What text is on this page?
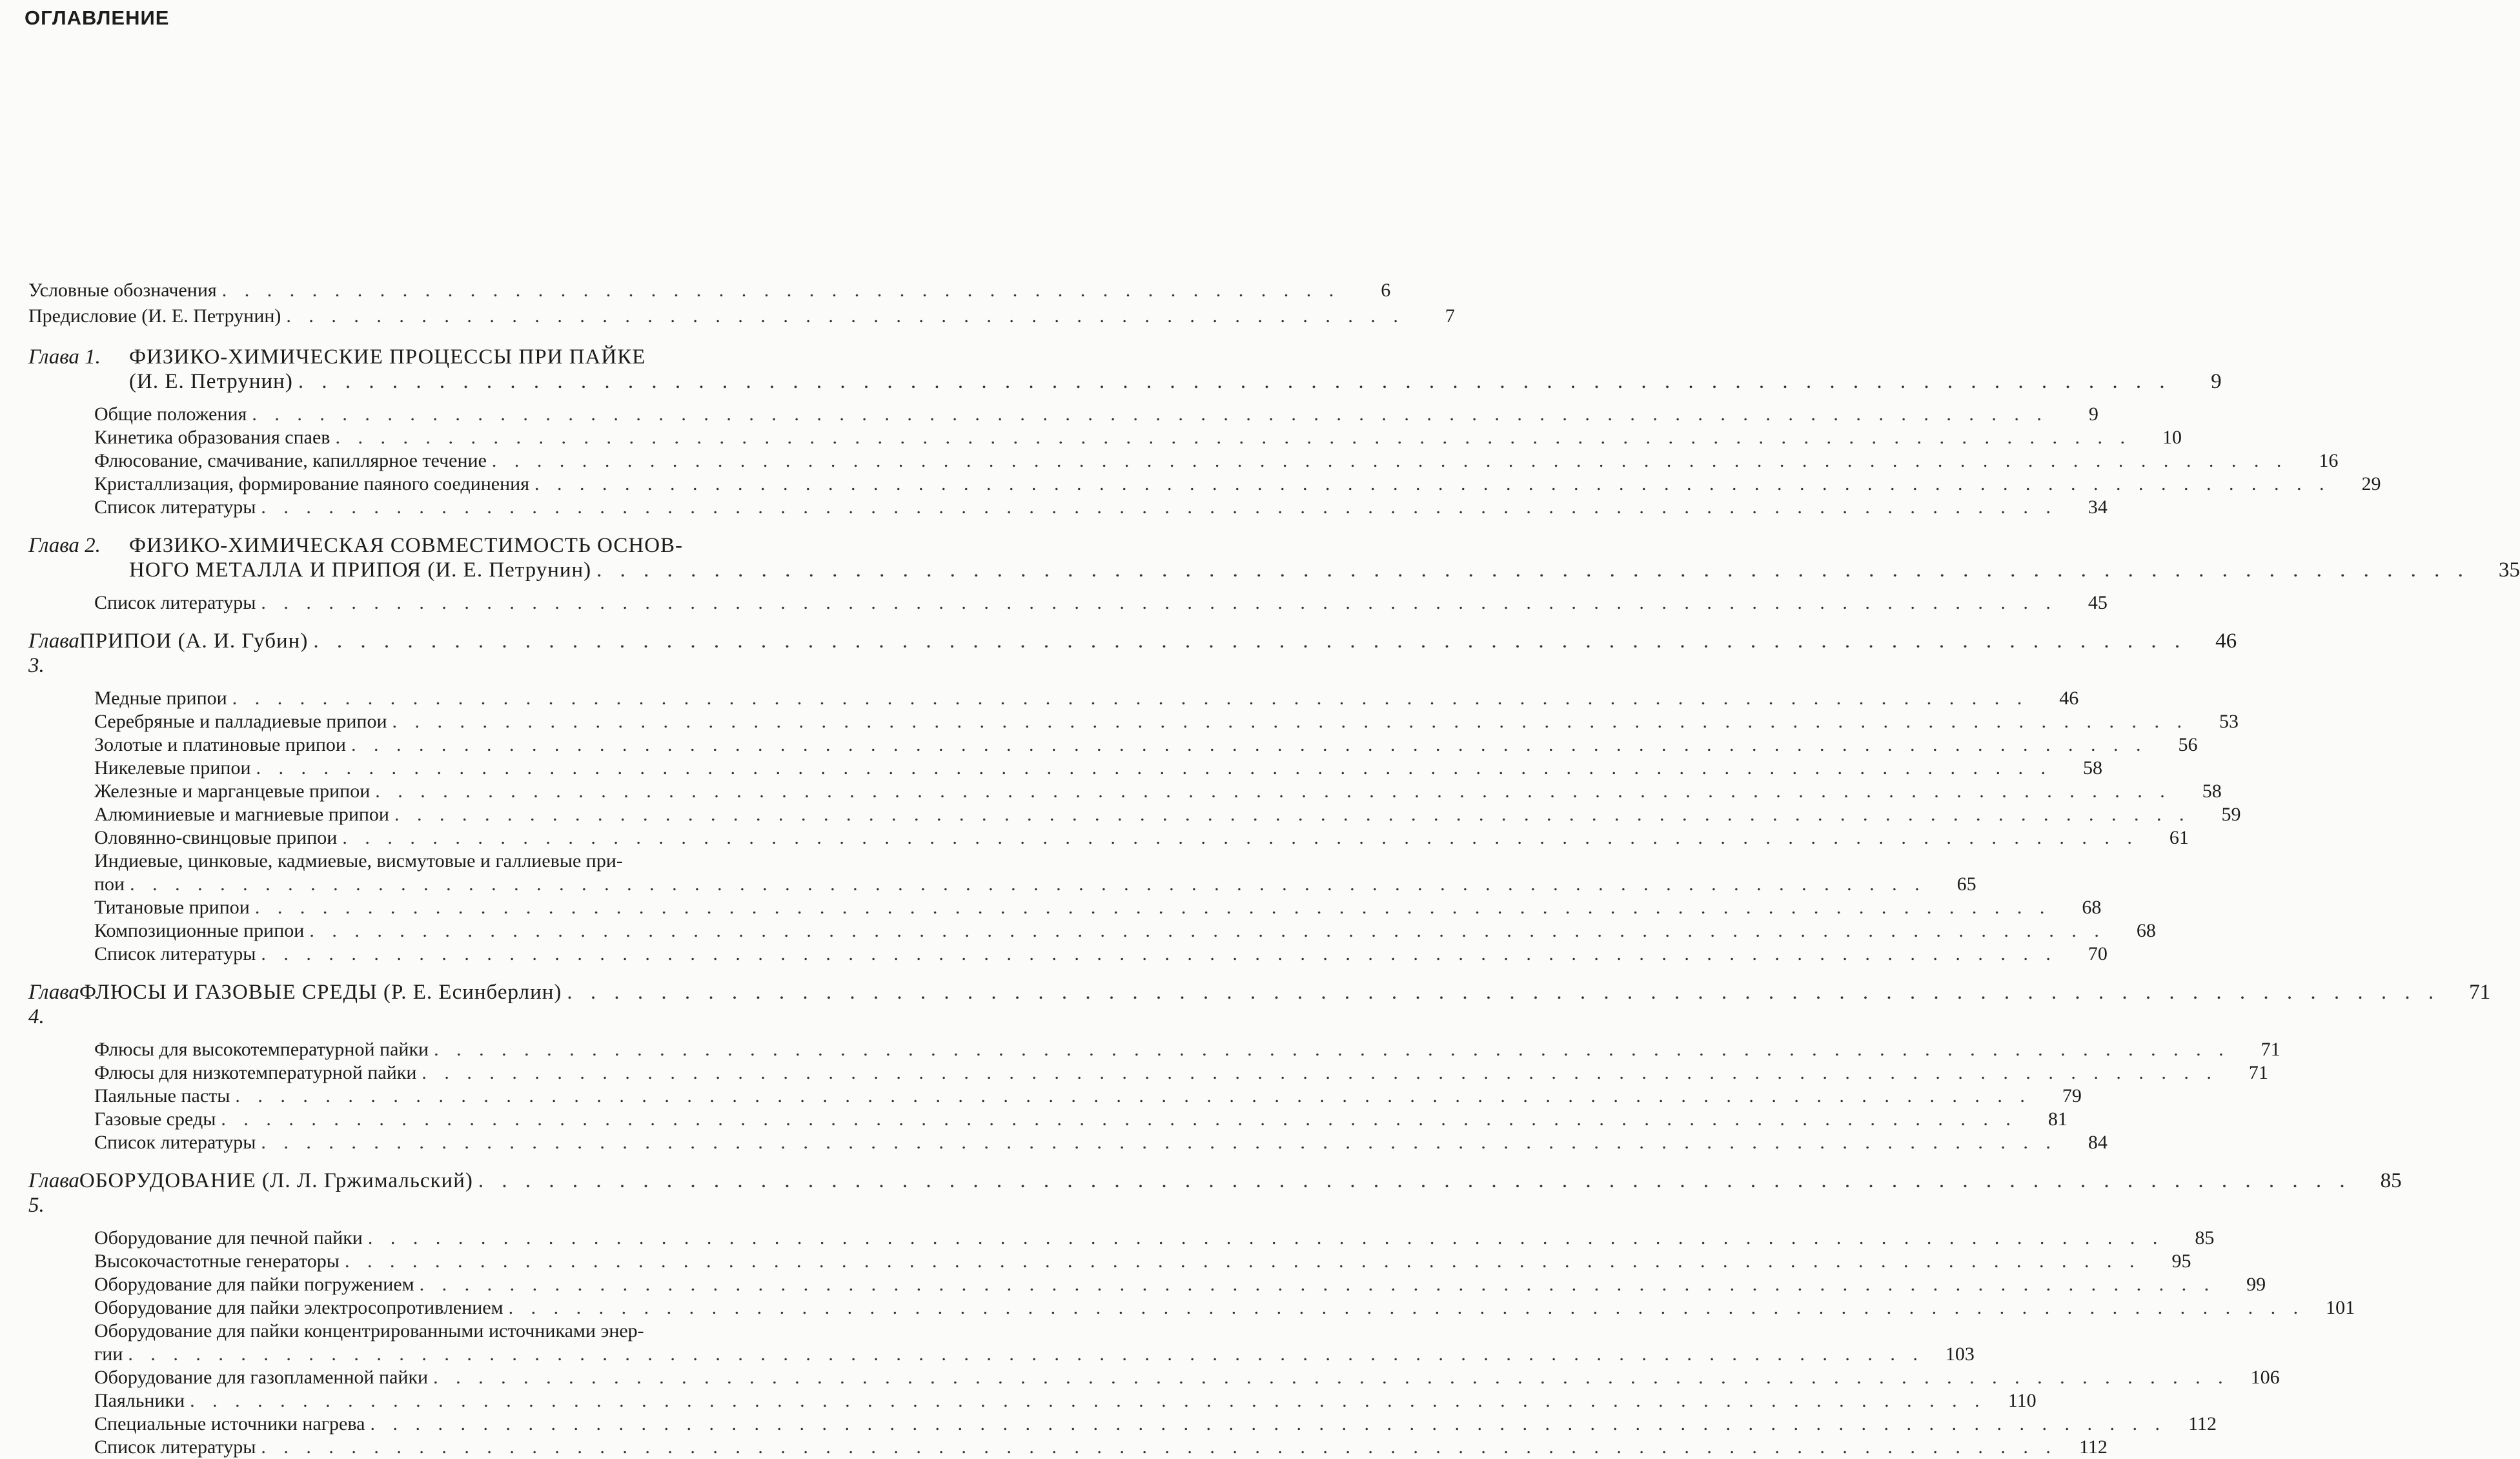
ОГЛАВЛЕНИЕ
Условные обозначения . . . . . . . . . . . . . . . . . . . . . . . . . . . . . . . . . . . . . . . . . . . . . . . . . .	6
Предисловие (И. Е. Петрунин) . . . . . . . . . . . . . . . . . . . . . . . . . . . . . . . . . . . . . . . . . . . . . . . . . .	7
Глава 1.	ФИЗИКО-ХИМИЧЕСКИЕ ПРОЦЕССЫ ПРИ ПАЙКЕ
(И. Е. Петрунин) . . . . . . . . . . . . . . . . . . . . . . . . . . . . . . . . . . . . . . . . . . . . . . . . . . . . . . . . . . . . . . . . . . . . . . . . . . . . . . . .	9
Общие положения . . . . . . . . . . . . . . . . . . . . . . . . . . . . . . . . . . . . . . . . . . . . . . . . . . . . . . . . . . . . . . . . . . . . . . . . . . . . . . . .	9
Кинетика образования спаев . . . . . . . . . . . . . . . . . . . . . . . . . . . . . . . . . . . . . . . . . . . . . . . . . . . . . . . . . . . . . . . . . . . . . . . . . . . . . . . .	10
Флюсование, смачивание, капиллярное течение . . . . . . . . . . . . . . . . . . . . . . . . . . . . . . . . . . . . . . . . . . . . . . . . . . . . . . . . . . . . . . . . . . . . . . . . . . . . . . . .	16
Кристаллизация, формирование паяного соединения . . . . . . . . . . . . . . . . . . . . . . . . . . . . . . . . . . . . . . . . . . . . . . . . . . . . . . . . . . . . . . . . . . . . . . . . . . . . . . . .	29
Список литературы . . . . . . . . . . . . . . . . . . . . . . . . . . . . . . . . . . . . . . . . . . . . . . . . . . . . . . . . . . . . . . . . . . . . . . . . . . . . . . . .	34
Глава 2.	ФИЗИКО-ХИМИЧЕСКАЯ СОВМЕСТИМОСТЬ ОСНОВ-
НОГО МЕТАЛЛА И ПРИПОЯ (И. Е. Петрунин) . . . . . . . . . . . . . . . . . . . . . . . . . . . . . . . . . . . . . . . . . . . . . . . . . . . . . . . . . . . . . . . . . . . . . . . . . . . . . . . .	35
Список литературы . . . . . . . . . . . . . . . . . . . . . . . . . . . . . . . . . . . . . . . . . . . . . . . . . . . . . . . . . . . . . . . . . . . . . . . . . . . . . . . .	45
Глава 3.
ПРИПОИ (А. И. Губин) . . . . . . . . . . . . . . . . . . . . . . . . . . . . . . . . . . . . . . . . . . . . . . . . . . . . . . . . . . . . . . . . . . . . . . . . . . . . . . . .	46
Медные припои . . . . . . . . . . . . . . . . . . . . . . . . . . . . . . . . . . . . . . . . . . . . . . . . . . . . . . . . . . . . . . . . . . . . . . . . . . . . . . . .	46
Серебряные и палладиевые припои . . . . . . . . . . . . . . . . . . . . . . . . . . . . . . . . . . . . . . . . . . . . . . . . . . . . . . . . . . . . . . . . . . . . . . . . . . . . . . . .	53
Золотые и платиновые припои . . . . . . . . . . . . . . . . . . . . . . . . . . . . . . . . . . . . . . . . . . . . . . . . . . . . . . . . . . . . . . . . . . . . . . . . . . . . . . . .	56
Никелевые припои . . . . . . . . . . . . . . . . . . . . . . . . . . . . . . . . . . . . . . . . . . . . . . . . . . . . . . . . . . . . . . . . . . . . . . . . . . . . . . . .	58
Железные и марганцевые припои . . . . . . . . . . . . . . . . . . . . . . . . . . . . . . . . . . . . . . . . . . . . . . . . . . . . . . . . . . . . . . . . . . . . . . . . . . . . . . . .	58
Алюминиевые и магниевые припои . . . . . . . . . . . . . . . . . . . . . . . . . . . . . . . . . . . . . . . . . . . . . . . . . . . . . . . . . . . . . . . . . . . . . . . . . . . . . . . .	59
Оловянно-свинцовые припои . . . . . . . . . . . . . . . . . . . . . . . . . . . . . . . . . . . . . . . . . . . . . . . . . . . . . . . . . . . . . . . . . . . . . . . . . . . . . . . .	61
Индиевые, цинковые, кадмиевые, висмутовые и галлиевые при-
пои . . . . . . . . . . . . . . . . . . . . . . . . . . . . . . . . . . . . . . . . . . . . . . . . . . . . . . . . . . . . . . . . . . . . . . . . . . . . . . . .	65
Титановые припои . . . . . . . . . . . . . . . . . . . . . . . . . . . . . . . . . . . . . . . . . . . . . . . . . . . . . . . . . . . . . . . . . . . . . . . . . . . . . . . .	68
Композиционные припои . . . . . . . . . . . . . . . . . . . . . . . . . . . . . . . . . . . . . . . . . . . . . . . . . . . . . . . . . . . . . . . . . . . . . . . . . . . . . . . .	68
Список литературы . . . . . . . . . . . . . . . . . . . . . . . . . . . . . . . . . . . . . . . . . . . . . . . . . . . . . . . . . . . . . . . . . . . . . . . . . . . . . . . .	70
Глава 4.
ФЛЮСЫ И ГАЗОВЫЕ СРЕДЫ (Р. Е. Есинберлин) . . . . . . . . . . . . . . . . . . . . . . . . . . . . . . . . . . . . . . . . . . . . . . . . . . . . . . . . . . . . . . . . . . . . . . . . . . . . . . . .	71
Флюсы для высокотемпературной пайки . . . . . . . . . . . . . . . . . . . . . . . . . . . . . . . . . . . . . . . . . . . . . . . . . . . . . . . . . . . . . . . . . . . . . . . . . . . . . . . .	71
Флюсы для низкотемпературной пайки . . . . . . . . . . . . . . . . . . . . . . . . . . . . . . . . . . . . . . . . . . . . . . . . . . . . . . . . . . . . . . . . . . . . . . . . . . . . . . . .	71
Паяльные пасты . . . . . . . . . . . . . . . . . . . . . . . . . . . . . . . . . . . . . . . . . . . . . . . . . . . . . . . . . . . . . . . . . . . . . . . . . . . . . . . .	79
Газовые среды . . . . . . . . . . . . . . . . . . . . . . . . . . . . . . . . . . . . . . . . . . . . . . . . . . . . . . . . . . . . . . . . . . . . . . . . . . . . . . . .	81
Список литературы . . . . . . . . . . . . . . . . . . . . . . . . . . . . . . . . . . . . . . . . . . . . . . . . . . . . . . . . . . . . . . . . . . . . . . . . . . . . . . . .	84
Глава 5.
ОБОРУДОВАНИЕ (Л. Л. Гржимальский) . . . . . . . . . . . . . . . . . . . . . . . . . . . . . . . . . . . . . . . . . . . . . . . . . . . . . . . . . . . . . . . . . . . . . . . . . . . . . . . .	85
Оборудование для печной пайки . . . . . . . . . . . . . . . . . . . . . . . . . . . . . . . . . . . . . . . . . . . . . . . . . . . . . . . . . . . . . . . . . . . . . . . . . . . . . . . .	85
Высокочастотные генераторы . . . . . . . . . . . . . . . . . . . . . . . . . . . . . . . . . . . . . . . . . . . . . . . . . . . . . . . . . . . . . . . . . . . . . . . . . . . . . . . .	95
Оборудование для пайки погружением . . . . . . . . . . . . . . . . . . . . . . . . . . . . . . . . . . . . . . . . . . . . . . . . . . . . . . . . . . . . . . . . . . . . . . . . . . . . . . . .	99
Оборудование для пайки электросопротивлением . . . . . . . . . . . . . . . . . . . . . . . . . . . . . . . . . . . . . . . . . . . . . . . . . . . . . . . . . . . . . . . . . . . . . . . . . . . . . . . .	101
Оборудование для пайки концентрированными источниками энер-
гии . . . . . . . . . . . . . . . . . . . . . . . . . . . . . . . . . . . . . . . . . . . . . . . . . . . . . . . . . . . . . . . . . . . . . . . . . . . . . . . .	103
Оборудование для газопламенной пайки . . . . . . . . . . . . . . . . . . . . . . . . . . . . . . . . . . . . . . . . . . . . . . . . . . . . . . . . . . . . . . . . . . . . . . . . . . . . . . . .	106
Паяльники . . . . . . . . . . . . . . . . . . . . . . . . . . . . . . . . . . . . . . . . . . . . . . . . . . . . . . . . . . . . . . . . . . . . . . . . . . . . . . . .	110
Специальные источники нагрева . . . . . . . . . . . . . . . . . . . . . . . . . . . . . . . . . . . . . . . . . . . . . . . . . . . . . . . . . . . . . . . . . . . . . . . . . . . . . . . .	112
Список литературы . . . . . . . . . . . . . . . . . . . . . . . . . . . . . . . . . . . . . . . . . . . . . . . . . . . . . . . . . . . . . . . . . . . . . . . . . . . . . . . .	112
